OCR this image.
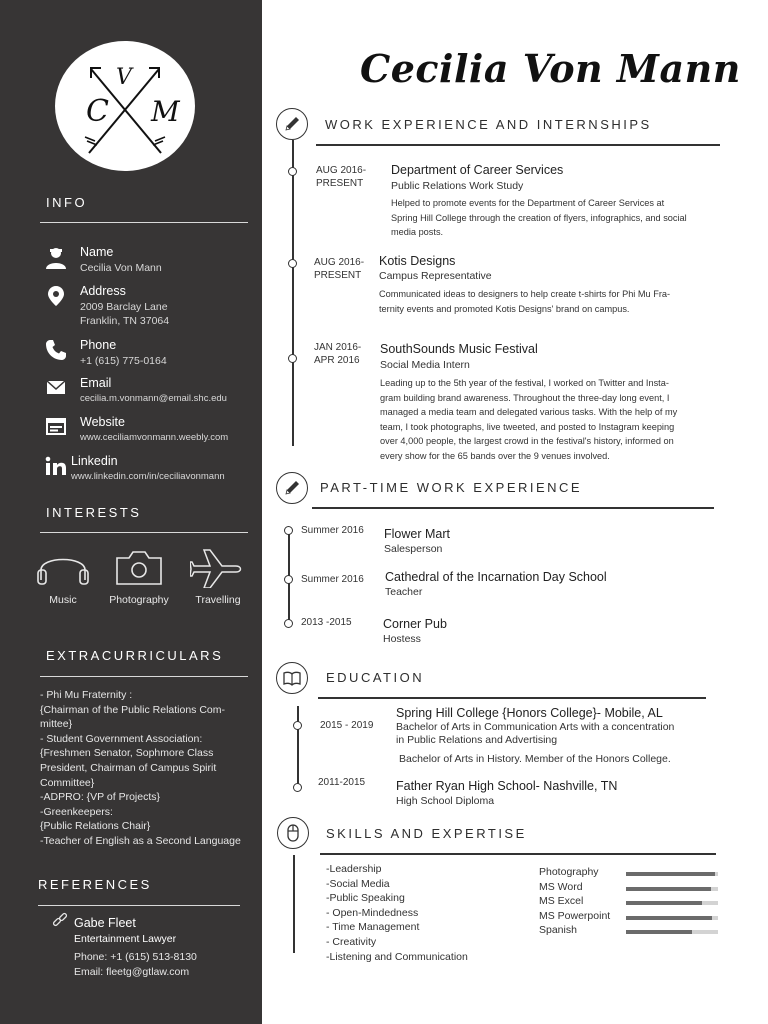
C
V
M
INFO
Name
Cecilia Von Mann
Address
2009 Barclay Lane
Franklin, TN 37064
Phone
+1 (615) 775-0164
Email
cecilia.m.vonmann@email.shc.edu
Website
www.ceciliamvonmann.weebly.com
Linkedin
www.linkedin.com/in/ceciliavonmann
INTERESTS
Music	Photography	Travelling
EXTRACURRICULARS
- Phi Mu Fraternity :
{Chairman of the Public Relations Com-
mittee}
- Student Government Association:
{Freshmen Senator, Sophmore Class
President, Chairman of Campus Spirit
Committee}
-ADPRO: {VP of Projects}
-Greenkeepers:
{Public Relations Chair}
-Teacher of English as a Second Language
REFERENCES
Gabe Fleet
Entertainment Lawyer
Phone: +1 (615) 513-8130
Email: fleetg@gtlaw.com
Cecilia Von Mann
WORK EXPERIENCE AND INTERNSHIPS
AUG 2016-
PRESENT
Department of Career Services
Public Relations Work Study
Helped to promote events for the Department of Career Services at
Spring Hill College through the creation of flyers, infographics, and social
media posts.
AUG 2016-
PRESENT
Kotis Designs
Campus Representative
Communicated ideas to designers to help create t-shirts for Phi Mu Fra-
ternity events and promoted Kotis Designs' brand on campus.
JAN 2016-
APR 2016
SouthSounds Music Festival
Social Media Intern
Leading up to the 5th year of the festival, I worked on Twitter and Insta-
gram building brand awareness. Throughout the three-day long event, I
managed a media team and delegated various tasks. With the help of my
team, I took photographs, live tweeted, and posted to Instagram keeping
over 4,000 people, the largest crowd in the festival's history, informed on
every show for the 65 bands over the 9 venues involved.
PART-TIME WORK EXPERIENCE
Summer 2016 Flower Mart
Salesperson
Summer 2016 Cathedral of the Incarnation Day School
Teacher
2013 -2015	Corner Pub
Hostess
EDUCATION
2015 - 2019
Spring Hill College {Honors College}- Mobile, AL
Bachelor of Arts in Communication Arts with a concentration
in Public Relations and Advertising
Bachelor of Arts in History. Member of the Honors College.
2011-2015 Father Ryan High School- Nashville, TN
High School Diploma
SKILLS AND EXPERTISE
-Leadership
-Social Media
-Public Speaking
- Open-Mindedness
- Time Management
- Creativity
-Listening and Communication
Photography
MS Word
MS Excel
MS Powerpoint
Spanish
